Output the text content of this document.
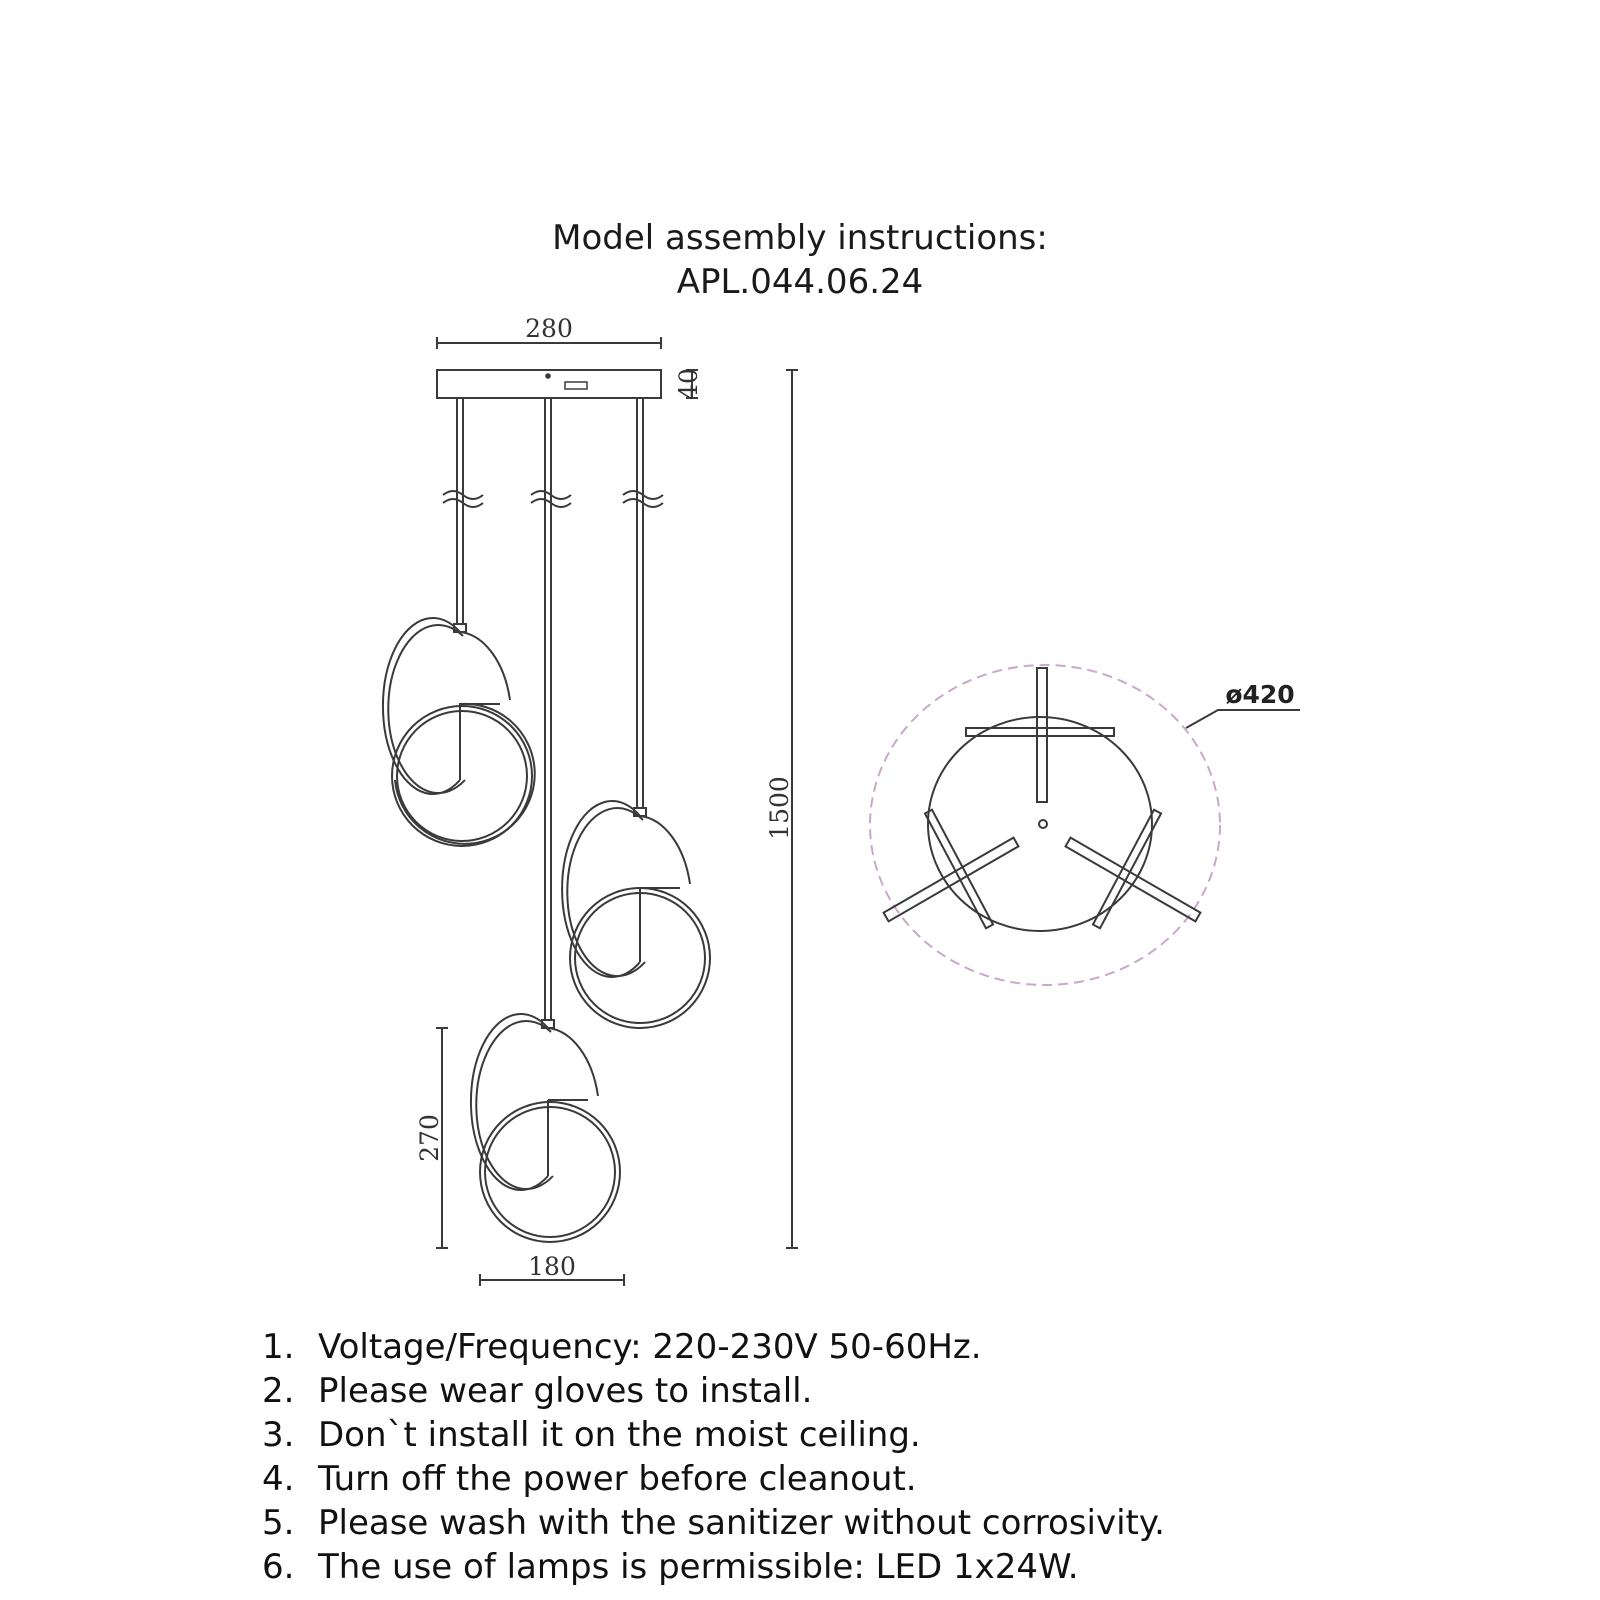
Model assembly instructions:
APL.044.06.24
280
40
1500
270
180
ø420
1. Voltage/Frequency: 220-230V 50-60Hz.
2. Please wear gloves to install.
3. Don`t install it on the moist ceiling.
4. Turn off the power before cleanout.
5. Please wash with the sanitizer without corrosivity.
6. The use of lamps is permissible: LED 1x24W.
